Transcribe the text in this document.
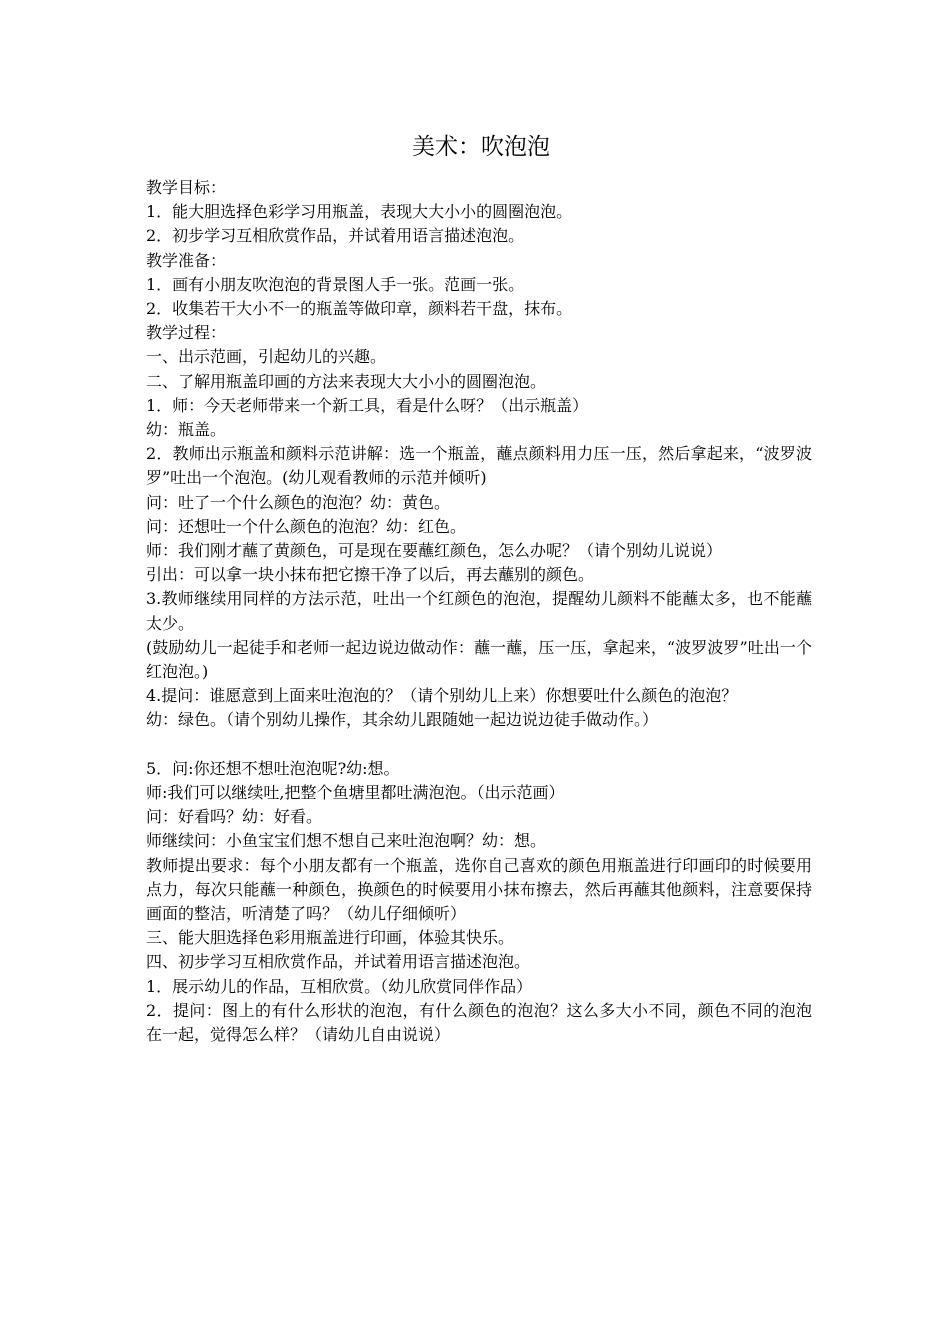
美术：吹泡泡

教学目标：

1．能大胆选择色彩学习用瓶盖，表现大大小小的圆圈泡泡。

2．初步学习互相欣赏作品，并试着用语言描述泡泡。

教学准备：

1．画有小朋友吹泡泡的背景图人手一张。范画一张。

2．收集若干大小不一的瓶盖等做印章，颜料若干盘，抹布。

教学过程：

一、出示范画，引起幼儿的兴趣。

二、了解用瓶盖印画的方法来表现大大小小的圆圈泡泡。

1．师：今天老师带来一个新工具，看是什么呀？（出示瓶盖）

幼：瓶盖。

2．教师出示瓶盖和颜料示范讲解：选一个瓶盖，蘸点颜料用力压一压，然后拿起来，“波罗波罗”吐出一个泡泡。(幼儿观看教师的示范并倾听)

问：吐了一个什么颜色的泡泡？幼：黄色。

问：还想吐一个什么颜色的泡泡？幼：红色。

师：我们刚才蘸了黄颜色，可是现在要蘸红颜色，怎么办呢？（请个别幼儿说说）

引出：可以拿一块小抹布把它擦干净了以后，再去蘸别的颜色。

3.教师继续用同样的方法示范，吐出一个红颜色的泡泡，提醒幼儿颜料不能蘸太多，也不能蘸太少。

(鼓励幼儿一起徒手和老师一起边说边做动作：蘸一蘸，压一压，拿起来，“波罗波罗”吐出一个红泡泡。)

4.提问：谁愿意到上面来吐泡泡的？（请个别幼儿上来）你想要吐什么颜色的泡泡？

幼：绿色。（请个别幼儿操作，其余幼儿跟随她一起边说边徒手做动作。）

5．问:你还想不想吐泡泡呢?幼:想。

师:我们可以继续吐,把整个鱼塘里都吐满泡泡。（出示范画）

问：好看吗？幼：好看。

师继续问：小鱼宝宝们想不想自己来吐泡泡啊？幼：想。

教师提出要求：每个小朋友都有一个瓶盖，选你自己喜欢的颜色用瓶盖进行印画印的时候要用点力，每次只能蘸一种颜色，换颜色的时候要用小抹布擦去，然后再蘸其他颜料，注意要保持画面的整洁，听清楚了吗？（幼儿仔细倾听）

三、能大胆选择色彩用瓶盖进行印画，体验其快乐。

四、初步学习互相欣赏作品，并试着用语言描述泡泡。

1．展示幼儿的作品，互相欣赏。（幼儿欣赏同伴作品）

2．提问：图上的有什么形状的泡泡，有什么颜色的泡泡？这么多大小不同，颜色不同的泡泡在一起，觉得怎么样？（请幼儿自由说说）
